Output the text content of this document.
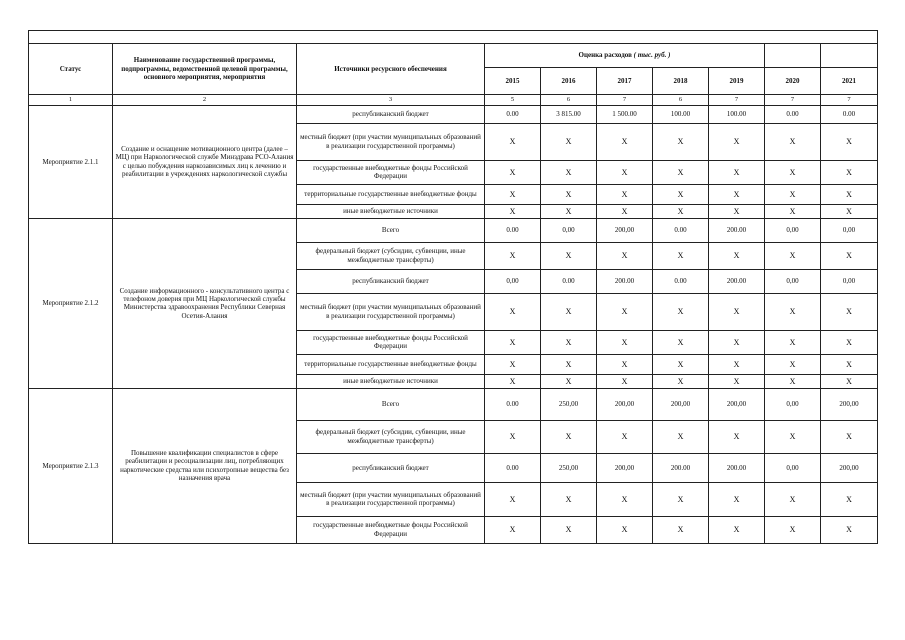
Статус	Наименование государственной программы, подпрограммы, ведомственной целевой программы, основного мероприятия, мероприятия	Источники ресурсного обеспечения	Оценка расходов ( тыс. руб. )						
			2015	2016	2017	2018	2019	2020	2021
1	2	3	5	6	7	6	7	7	7
Мероприятие 2.1.1	Создание и оснащение мотивационного центра (далее – МЦ) при Наркологической службе Минздрава РСО-Алания с целью побуждения наркозависимых лиц к лечению и реабилитации в учреждениях наркологической службы	республиканский бюджет	0.00	3 815.00	1 500.00	100.00	100.00	0.00	0.00
		местный бюджет (при участии муниципальных образований в реализации государственной программы)	X	X	X	X	X	X	X
		государственные внебюджетные фонды Российской Федерации	X	X	X	X	X	X	X
		территориальные государственные внебюджетные фонды	X	X	X	X	X	X	X
		иные внебюджетные источники	X	X	X	X	X	X	X
Мероприятие 2.1.2	Создание информационного - консультативного центра с телефоном доверия при МЦ Наркологической службы Министерства здравоохранения Республики Северная Осетия-Алания	Всего	0.00	0,00	200,00	0.00	200.00	0,00	0,00
		федеральный бюджет (субсидии, субвенции, иные межбюджетные трансферты)	X	X	X	X	X	X	X
		республиканский бюджет	0,00	0.00	200.00	0.00	200.00	0,00	0,00
		местный бюджет (при участии муниципальных образований в реализации государственной программы)	X	X	X	X	X	X	X
		государственные внебюджетные фонды Российской Федерации	X	X	X	X	X	X	X
		территориальные государственные внебюджетные фонды	X	X	X	X	X	X	X
		иные внебюджетные источники	X	X	X	X	X	X	X
Мероприятие 2.1.3	Повышение квалификации специалистов в сфере реабилитации и ресоциализации лиц, потребляющих наркотические средства или психотропные вещества без назначения врача	Всего	0.00	250,00	200,00	200,00	200,00	0,00	200,00
		федеральный бюджет (субсидии, субвенции, иные межбюджетные трансферты)	X	X	X	X	X	X	X
		республиканский бюджет	0.00	250,00	200,00	200.00	200.00	0,00	200,00
		местный бюджет (при участии муниципальных образований в реализации государственной программы)	X	X	X	X	X	X	X
		государственные внебюджетные фонды Российской Федерации	X	X	X	X	X	X	X
